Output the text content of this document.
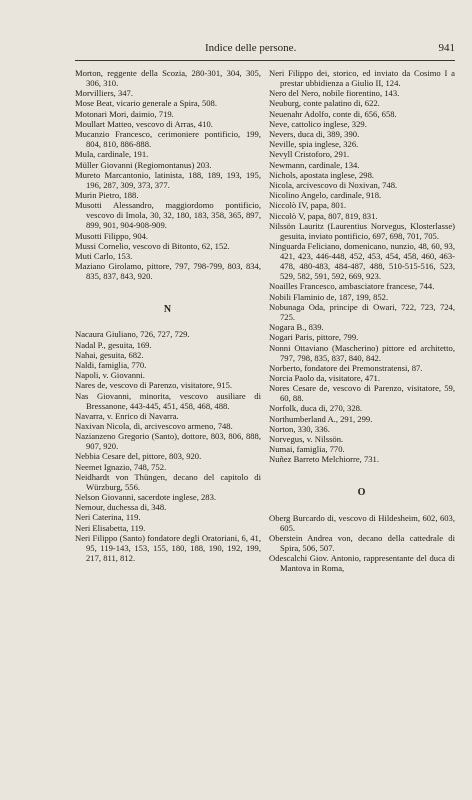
Indice delle persone.	941
Morton, reggente della Scozia, 280-301, 304, 305, 306, 310.
Morvilliers, 347.
Mose Beat, vicario generale a Spira, 508.
Motonari Mori, daimio, 719.
Moullart Matteo, vescovo di Arras, 410.
Mucanzio Francesco, cerimoniere pontificio, 199, 804, 810, 886-888.
Mula, cardinale, 191.
Müller Giovanni (Regiomontanus) 203.
Mureto Marcantonio, latinista, 188, 189, 193, 195, 196, 287, 309, 373, 377.
Murin Pietro, 188.
Musotti Alessandro, maggiordomo pontificio, vescovo di Imola, 30, 32, 180, 183, 358, 365, 897, 899, 901, 904-908-909.
Musotti Filippo, 904.
Mussi Cornelio, vescovo di Bitonto, 62, 152.
Muti Carlo, 153.
Maziano Girolamo, pittore, 797, 798-799, 803, 834, 835, 837, 843, 920.
N
Nacaura Giuliano, 726, 727, 729.
Nadal P., gesuita, 169.
Nahai, gesuita, 682.
Naldi, famiglia, 770.
Napoli, v. Giovanni.
Nares de, vescovo di Parenzo, visitatore, 915.
Nas Giovanni, minorita, vescovo ausiliare di Bressanone, 443-445, 451, 458, 468, 488.
Navarra, v. Enrico di Navarra.
Naxivan Nicola, di, arcivescovo armeno, 748.
Nazianzeno Gregorio (Santo), dottore, 803, 806, 888, 907, 920.
Nebbia Cesare del, pittore, 803, 920.
Neemet Ignazio, 748, 752.
Neidhardt von Thüngen, decano del capitolo di Würzburg, 556.
Nelson Giovanni, sacerdote inglese, 283.
Nemour, duchessa di, 348.
Neri Caterina, 119.
Neri Elisabetta, 119.
Neri Filippo (Santo) fondatore degli Oratoriani, 6, 41, 95, 119-143, 153, 155, 180, 188, 190, 192, 199, 217, 811, 812.
Neri Filippo dei, storico, ed inviato da Cosimo I a prestar ubbidienza a Giulio II, 124.
Nero del Nero, nobile fiorentino, 143.
Neuburg, conte palatino di, 622.
Neuenahr Adolfo, conte di, 656, 658.
Neve, cattolico inglese, 329.
Nevers, duca di, 389, 390.
Neville, spia inglese, 326.
Nevyll Cristoforo, 291.
Newmann, cardinale, 134.
Nichols, apostata inglese, 298.
Nicola, arcivescovo di Noxivan, 748.
Nicolino Angelo, cardinale, 918.
Niccolò IV, papa, 801.
Niccolò V, papa, 807, 819, 831.
Nilssön Lauritz (Laurentius Norvegus, Klosterlasse) gesuita, inviato pontificio, 697, 698, 701, 705.
Ninguarda Feliciano, domenicano, nunzio, 48, 60, 93, 421, 423, 446-448, 452, 453, 454, 458, 460, 463-478, 480-483, 484-487, 488, 510-515-516, 523, 529, 582, 591, 592, 669, 923.
Noailles Francesco, ambasciatore francese, 744.
Nobili Flaminio de, 187, 199, 852.
Nobunaga Oda, principe di Owari, 722, 723, 724, 725.
Nogara B., 839.
Nogari Paris, pittore, 799.
Nonni Ottaviano (Mascherino) pittore ed architetto, 797, 798, 835, 837, 840, 842.
Norberto, fondatore dei Premonstratensi, 87.
Norcia Paolo da, visitatore, 471.
Nores Cesare de, vescovo di Parenzo, visitatore, 59, 60, 88.
Norfolk, duca di, 270, 328.
Northumberland A., 291, 299.
Norton, 330, 336.
Norvegus, v. Nilssön.
Numai, famiglia, 770.
Nuñez Barreto Melchiorre, 731.
O
Oberg Burcardo di, vescovo di Hildesheim, 602, 603, 605.
Oberstein Andrea von, decano della cattedrale di Spira, 506, 507.
Odescalchi Giov. Antonio, rappresentante del duca di Mantova in Roma,
